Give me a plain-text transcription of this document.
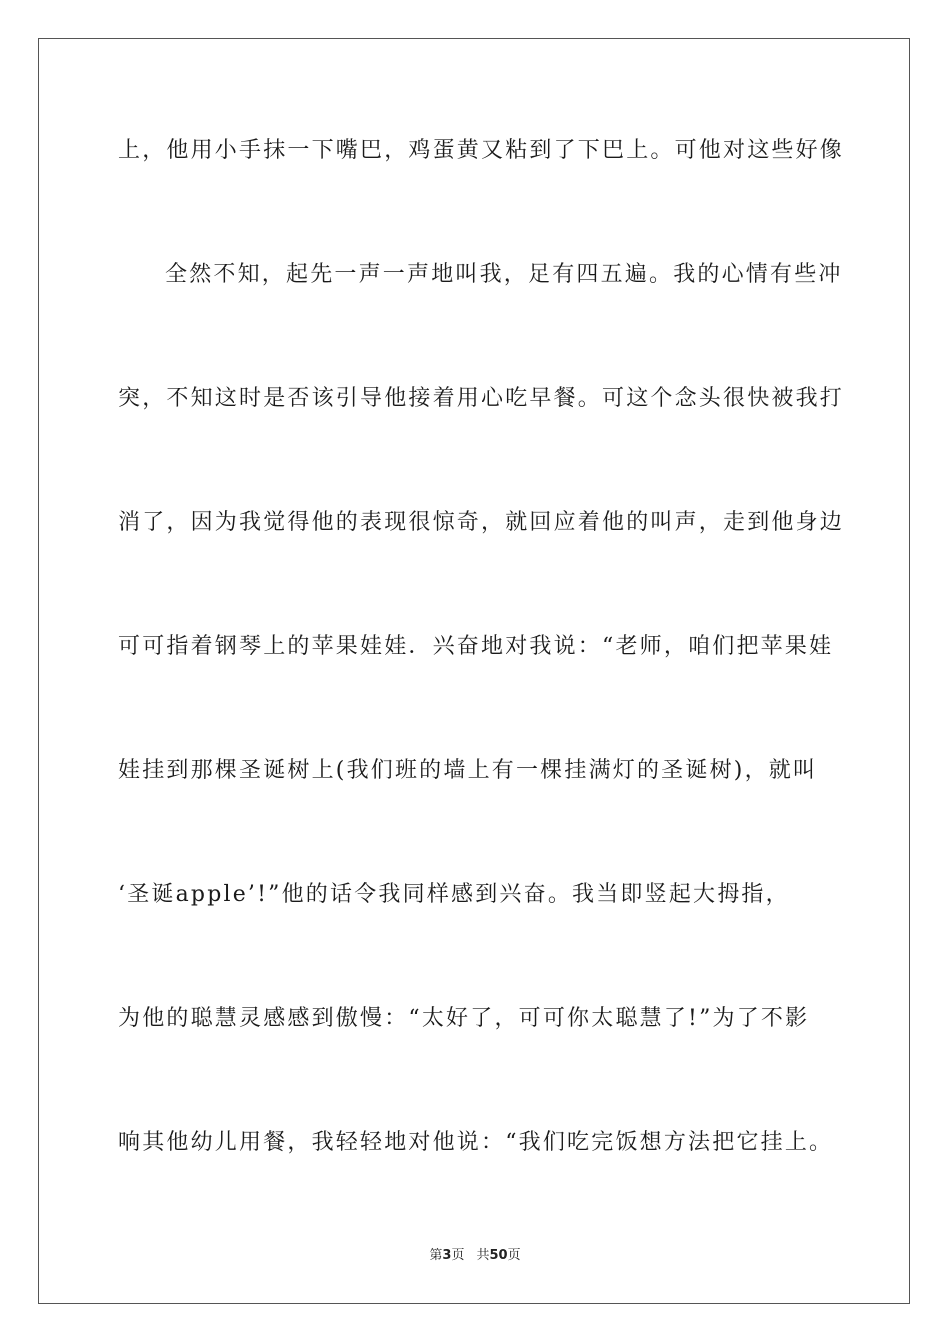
上，他用小手抹一下嘴巴，鸡蛋黄又粘到了下巴上。可他对这些好像
全然不知，起先一声一声地叫我，足有四五遍。我的心情有些冲
突，不知这时是否该引导他接着用心吃早餐。可这个念头很快被我打
消了，因为我觉得他的表现很惊奇，就回应着他的叫声，走到他身边
可可指着钢琴上的苹果娃娃．兴奋地对我说：“老师，咱们把苹果娃
娃挂到那棵圣诞树上(我们班的墙上有一棵挂满灯的圣诞树)，就叫
‘圣诞apple’!”他的话令我同样感到兴奋。我当即竖起大拇指，
为他的聪慧灵感感到傲慢：“太好了，可可你太聪慧了!”为了不影
响其他幼儿用餐，我轻轻地对他说：“我们吃完饭想方法把它挂上。
第3页 共50页
